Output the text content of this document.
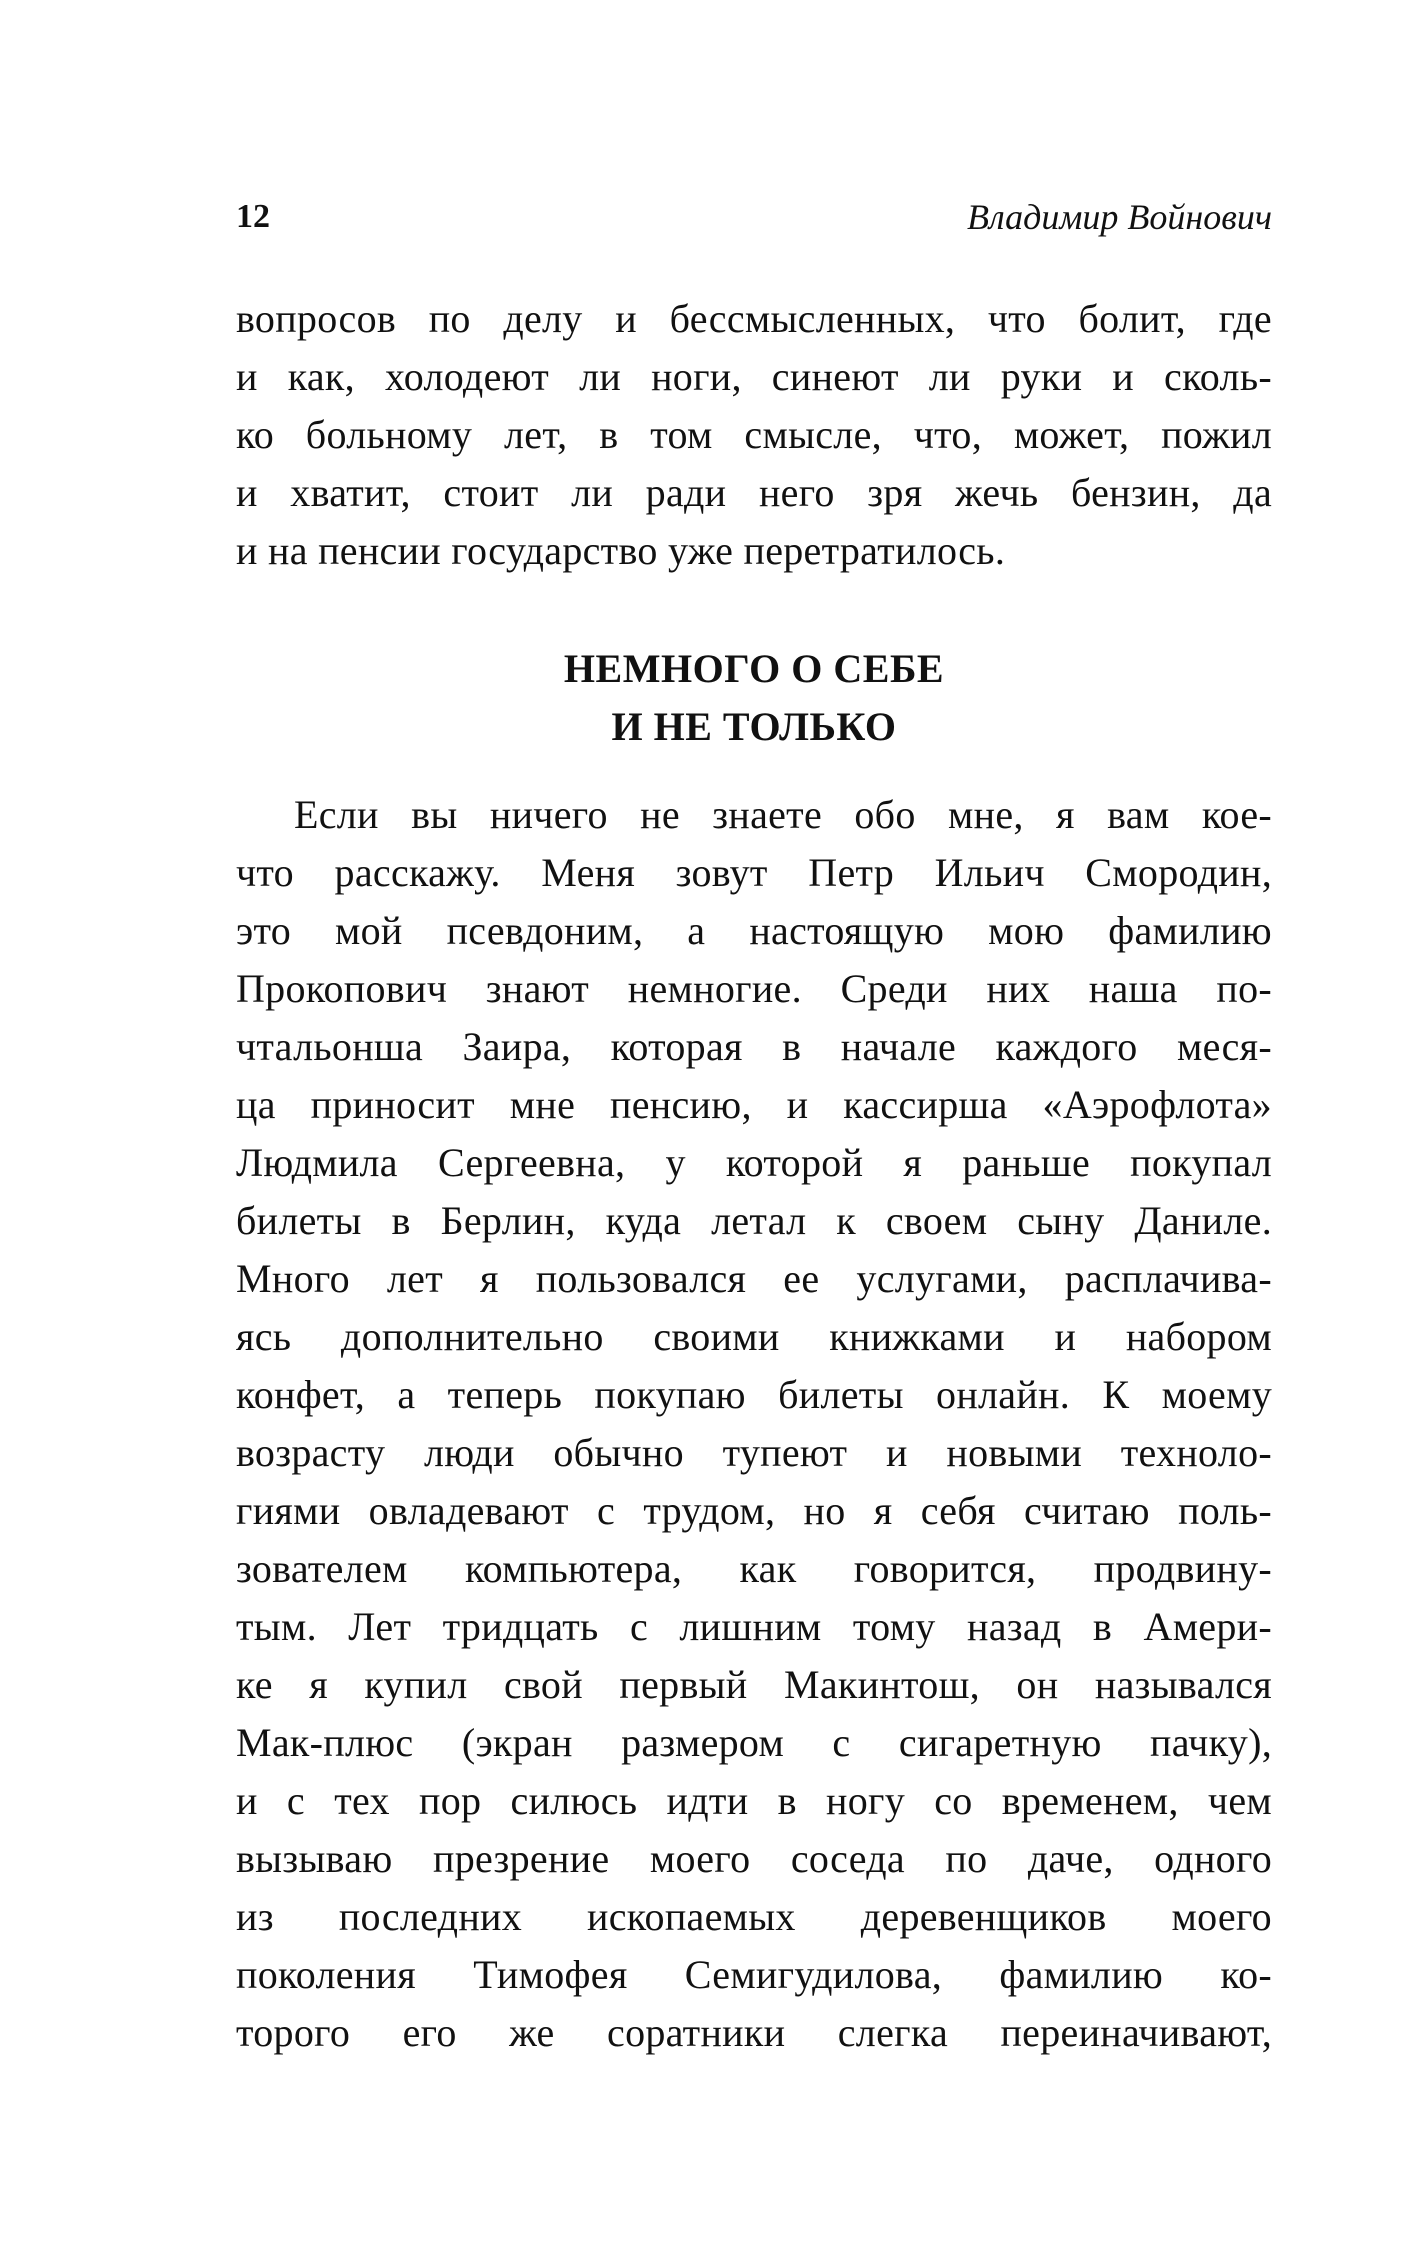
12	Владимир Войнович
вопросов по делу и бессмысленных, что болит, где
и как, холодеют ли ноги, синеют ли руки и сколь-
ко больному лет, в том смысле, что, может, пожил
и хватит, стоит ли ради него зря жечь бензин, да
и на пенсии государство уже перетратилось.
НЕМНОГО О СЕБЕ
И НЕ ТОЛЬКО
Если вы ничего не знаете обо мне, я вам кое-
что расскажу. Меня зовут Петр Ильич Смородин,
это мой псевдоним, а настоящую мою фамилию
Прокопович знают немногие. Среди них наша по-
чтальонша Заира, которая в начале каждого меся-
ца приносит мне пенсию, и кассирша «Аэрофлота»
Людмила Сергеевна, у которой я раньше покупал
билеты в Берлин, куда летал к своем сыну Даниле.
Много лет я пользовался ее услугами, расплачива-
ясь дополнительно своими книжками и набором
конфет, а теперь покупаю билеты онлайн. К моему
возрасту люди обычно тупеют и новыми техноло-
гиями овладевают с трудом, но я себя считаю поль-
зователем компьютера, как говорится, продвину-
тым. Лет тридцать с лишним тому назад в Амери-
ке я купил свой первый Макинтош, он назывался
Мак-плюс (экран размером с сигаретную пачку),
и с тех пор силюсь идти в ногу со временем, чем
вызываю презрение моего соседа по даче, одного
из последних ископаемых деревенщиков моего
поколения Тимофея Семигудилова, фамилию ко-
торого его же соратники слегка переиначивают,
